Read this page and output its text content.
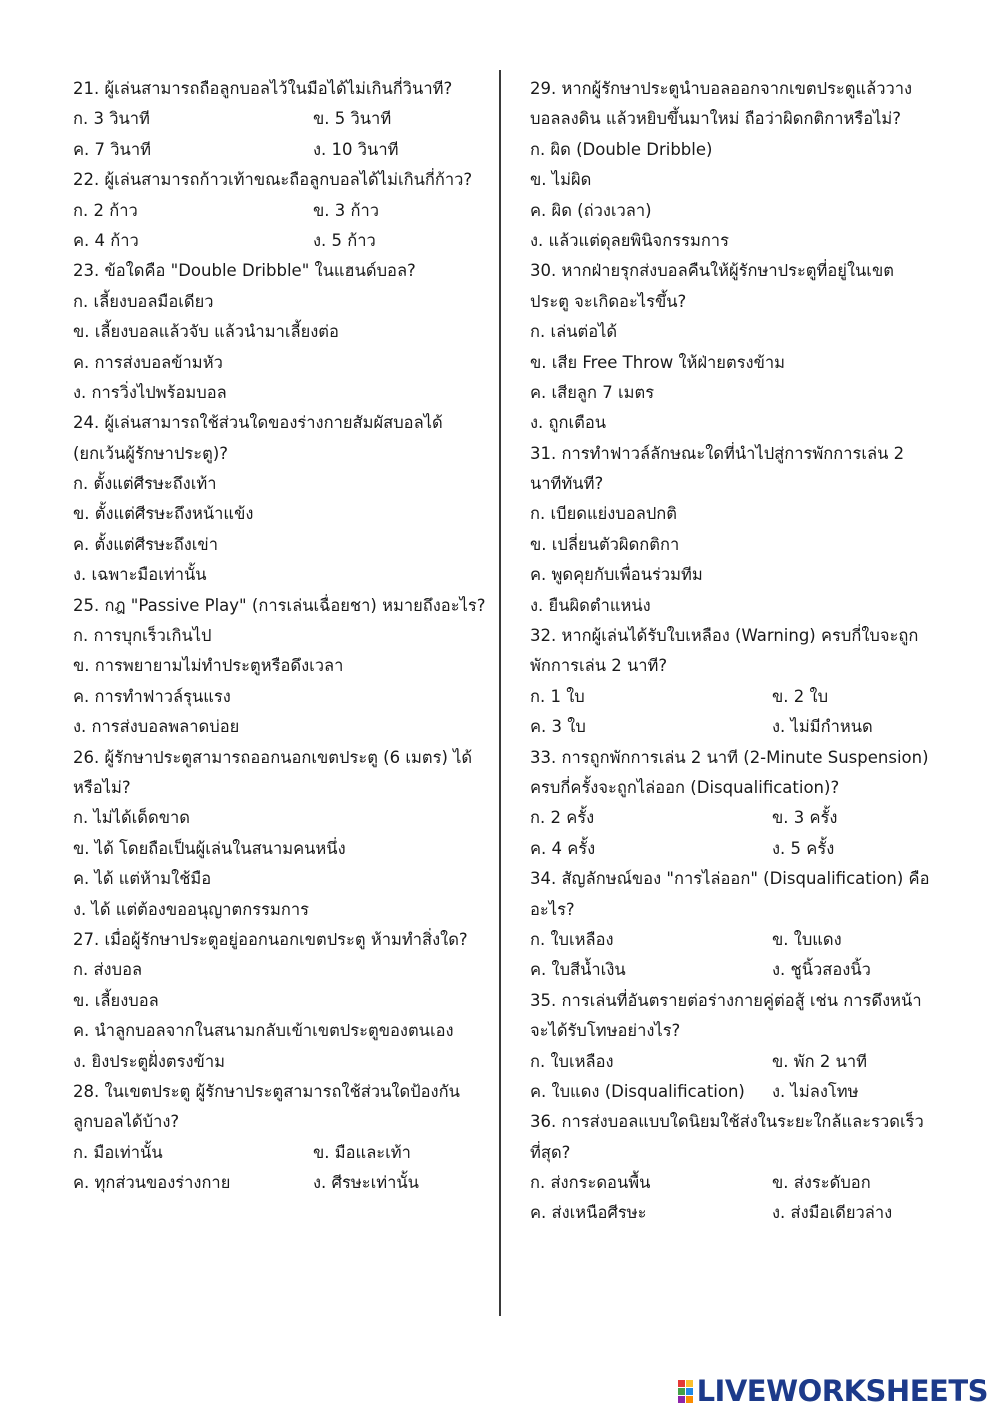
21. ผู้เล่นสามารถถือลูกบอลไว้ในมือได้ไม่เกินกี่วินาที?
ก. 3 วินาที	ข. 5 วินาที
ค. 7 วินาที	ง. 10 วินาที
22. ผู้เล่นสามารถก้าวเท้าขณะถือลูกบอลได้ไม่เกินกี่ก้าว?
ก. 2 ก้าว	ข. 3 ก้าว
ค. 4 ก้าว	ง. 5 ก้าว
23. ข้อใดคือ "Double Dribble" ในแฮนด์บอล?
ก. เลี้ยงบอลมือเดียว
ข. เลี้ยงบอลแล้วจับ แล้วนำมาเลี้ยงต่อ
ค. การส่งบอลข้ามหัว
ง. การวิ่งไปพร้อมบอล
24. ผู้เล่นสามารถใช้ส่วนใดของร่างกายสัมผัสบอลได้
(ยกเว้นผู้รักษาประตู)?
ก. ตั้งแต่ศีรษะถึงเท้า
ข. ตั้งแต่ศีรษะถึงหน้าแข้ง
ค. ตั้งแต่ศีรษะถึงเข่า
ง. เฉพาะมือเท่านั้น
25. กฎ "Passive Play" (การเล่นเฉื่อยชา) หมายถึงอะไร?
ก. การบุกเร็วเกินไป
ข. การพยายามไม่ทำประตูหรือดึงเวลา
ค. การทำฟาวล์รุนแรง
ง. การส่งบอลพลาดบ่อย
26. ผู้รักษาประตูสามารถออกนอกเขตประตู (6 เมตร) ได้
หรือไม่?
ก. ไม่ได้เด็ดขาด
ข. ได้ โดยถือเป็นผู้เล่นในสนามคนหนึ่ง
ค. ได้ แต่ห้ามใช้มือ
ง. ได้ แต่ต้องขออนุญาตกรรมการ
27. เมื่อผู้รักษาประตูอยู่ออกนอกเขตประตู ห้ามทำสิ่งใด?
ก. ส่งบอล
ข. เลี้ยงบอล
ค. นำลูกบอลจากในสนามกลับเข้าเขตประตูของตนเอง
ง. ยิงประตูฝั่งตรงข้าม
28. ในเขตประตู ผู้รักษาประตูสามารถใช้ส่วนใดป้องกัน
ลูกบอลได้บ้าง?
ก. มือเท่านั้น	ข. มือและเท้า
ค. ทุกส่วนของร่างกาย	ง. ศีรษะเท่านั้น
29. หากผู้รักษาประตูนำบอลออกจากเขตประตูแล้ววาง
บอลลงดิน แล้วหยิบขึ้นมาใหม่ ถือว่าผิดกติกาหรือไม่?
ก. ผิด (Double Dribble)
ข. ไม่ผิด
ค. ผิด (ถ่วงเวลา)
ง. แล้วแต่ดุลยพินิจกรรมการ
30. หากฝ่ายรุกส่งบอลคืนให้ผู้รักษาประตูที่อยู่ในเขต
ประตู จะเกิดอะไรขึ้น?
ก. เล่นต่อได้
ข. เสีย Free Throw ให้ฝ่ายตรงข้าม
ค. เสียลูก 7 เมตร
ง. ถูกเตือน
31. การทำฟาวล์ลักษณะใดที่นำไปสู่การพักการเล่น 2
นาทีทันที?
ก. เบียดแย่งบอลปกติ
ข. เปลี่ยนตัวผิดกติกา
ค. พูดคุยกับเพื่อนร่วมทีม
ง. ยืนผิดตำแหน่ง
32. หากผู้เล่นได้รับใบเหลือง (Warning) ครบกี่ใบจะถูก
พักการเล่น 2 นาที?
ก. 1 ใบ	ข. 2 ใบ
ค. 3 ใบ	ง. ไม่มีกำหนด
33. การถูกพักการเล่น 2 นาที (2-Minute Suspension)
ครบกี่ครั้งจะถูกไล่ออก (Disqualification)?
ก. 2 ครั้ง	ข. 3 ครั้ง
ค. 4 ครั้ง	ง. 5 ครั้ง
34. สัญลักษณ์ของ "การไล่ออก" (Disqualification) คือ
อะไร?
ก. ใบเหลือง	ข. ใบแดง
ค. ใบสีน้ำเงิน	ง. ชูนิ้วสองนิ้ว
35. การเล่นที่อันตรายต่อร่างกายคู่ต่อสู้ เช่น การดึงหน้า
จะได้รับโทษอย่างไร?
ก. ใบเหลือง	ข. พัก 2 นาที
ค. ใบแดง (Disqualification)	ง. ไม่ลงโทษ
36. การส่งบอลแบบใดนิยมใช้ส่งในระยะใกล้และรวดเร็ว
ที่สุด?
ก. ส่งกระดอนพื้น	ข. ส่งระดับอก
ค. ส่งเหนือศีรษะ	ง. ส่งมือเดียวล่าง
LIVEWORKSHEETS
